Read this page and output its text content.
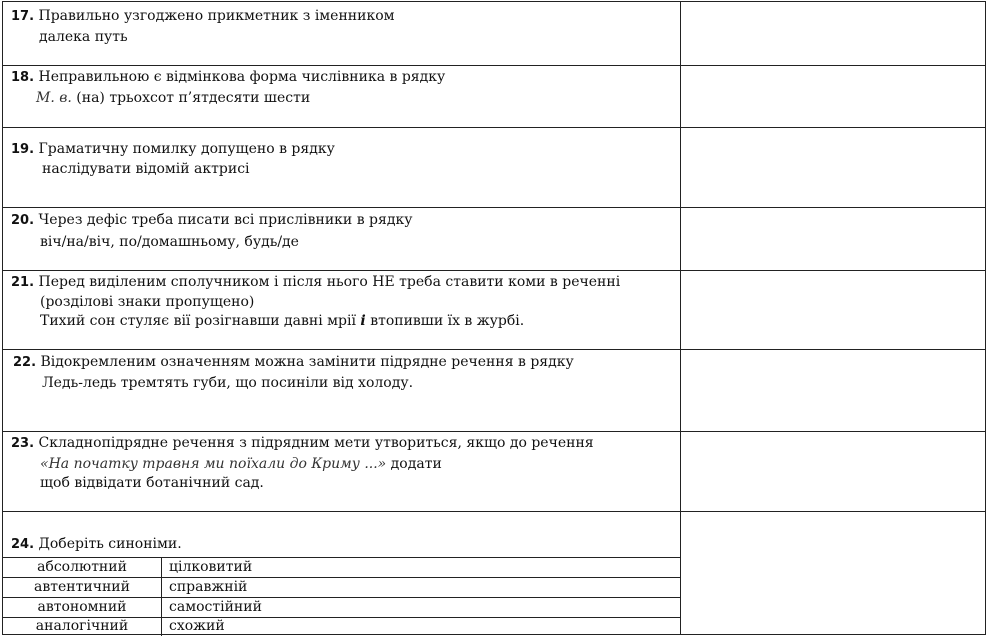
17. Правильно узгоджено прикметник з іменником
далека путь
18. Неправильною є відмінкова форма числівника в рядку
М. в. (на) трьохсот п’ятдесяти шести
19. Граматичну помилку допущено в рядку
наслідувати відомій актрисі
20. Через дефіс треба писати всі прислівники в рядку
віч/на/віч, по/домашньому, будь/де
21. Перед виділеним сполучником і після нього НЕ треба ставити коми в реченні
(розділові знаки пропущено)
Тихий сон стуляє вії розігнавши давні мрії і втопивши їх в журбі.
22. Відокремленим означенням можна замінити підрядне речення в рядку
Ледь-ледь тремтять губи, що посиніли від холоду.
23. Складнопідрядне речення з підрядним мети утвориться, якщо до речення
«На початку травня ми поїхали до Криму ...» додати
щоб відвідати ботанічний сад.
24. Доберіть синоніми.
абсолютний	цілковитий
автентичний	справжній
автономний	самостійний
аналогічний	схожий
